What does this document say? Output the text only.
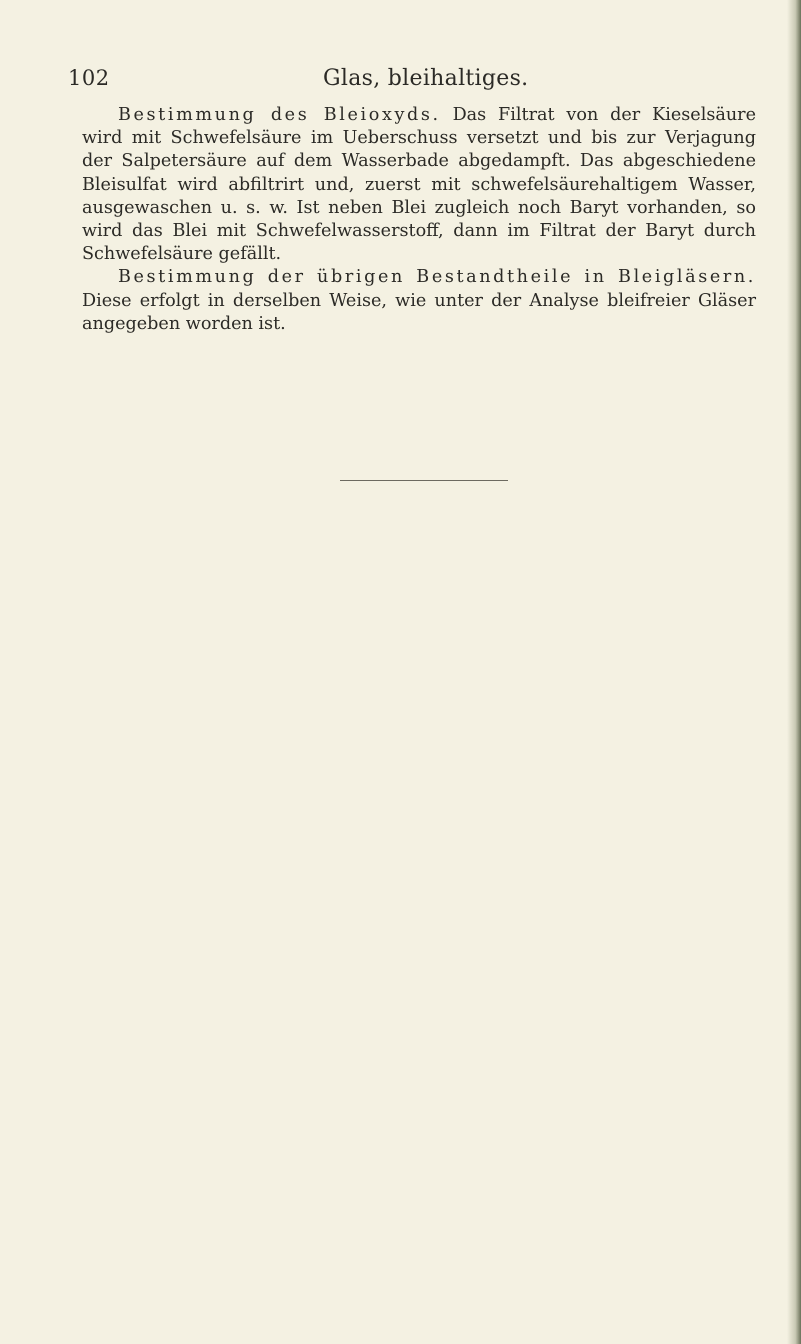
102	Glas, bleihaltiges.

Bestimmung des Bleioxyds. Das Filtrat von der Kieselsäure wird mit Schwefelsäure im Ueberschuss versetzt und bis zur Verjagung der Salpetersäure auf dem Wasserbade abgedampft. Das abgeschiedene Bleisulfat wird abfiltrirt und, zuerst mit schwefelsäurehaltigem Wasser, ausgewaschen u. s. w. Ist neben Blei zugleich noch Baryt vorhanden, so wird das Blei mit Schwefelwasserstoff, dann im Filtrat der Baryt durch Schwefelsäure gefällt.

Bestimmung der übrigen Bestandtheile in Bleigläsern. Diese erfolgt in derselben Weise, wie unter der Analyse bleifreier Gläser angegeben worden ist.
